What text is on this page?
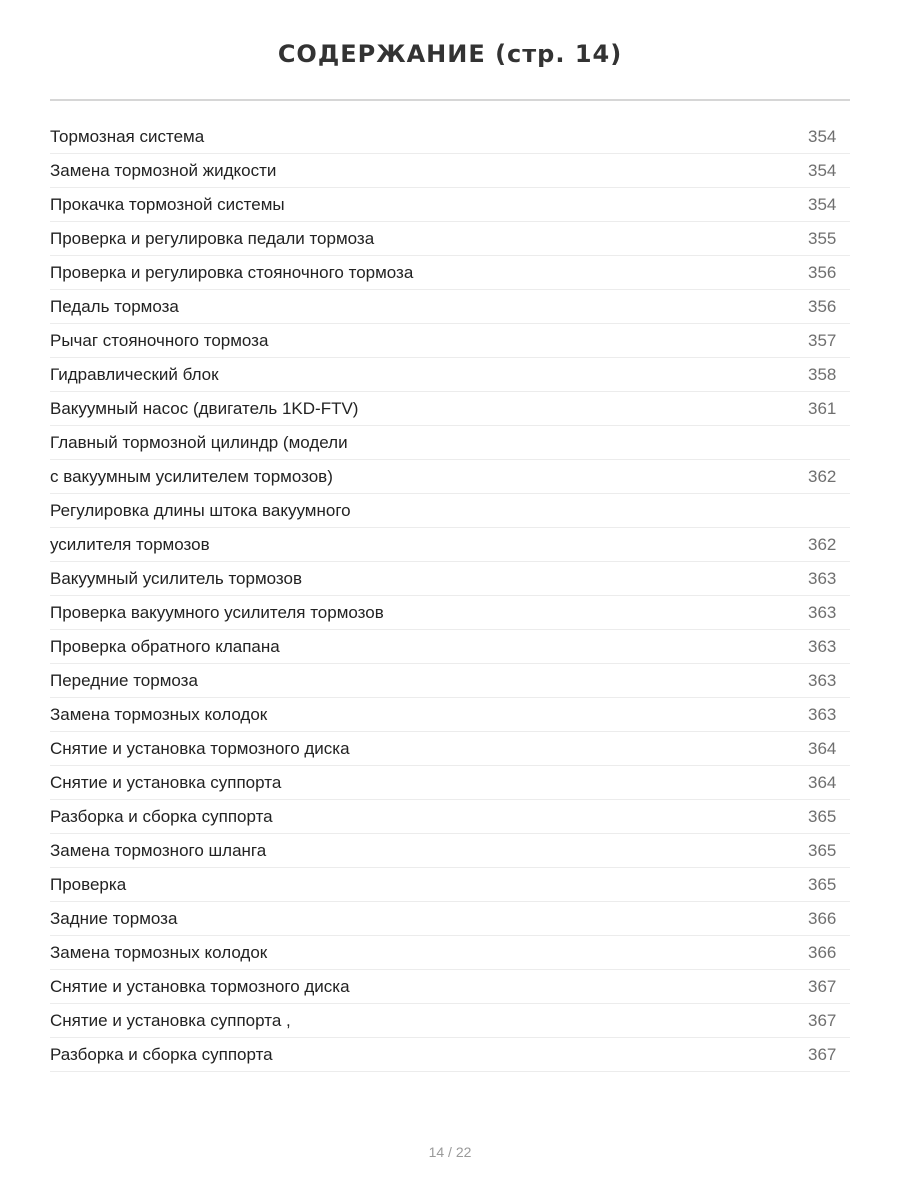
СОДЕРЖАНИЕ (стр. 14)
Тормозная система	354
Замена тормозной жидкости	354
Прокачка тормозной системы	354
Проверка и регулировка педали тормоза	355
Проверка и регулировка стояночного тормоза	356
Педаль тормоза	356
Рычаг стояночного тормоза	357
Гидравлический блок	358
Вакуумный насос (двигатель 1KD-FTV)	361
Главный тормозной цилиндр (модели
с вакуумным усилителем тормозов)	362
Регулировка длины штока вакуумного
усилителя тормозов	362
Вакуумный усилитель тормозов	363
Проверка вакуумного усилителя тормозов	363
Проверка обратного клапана	363
Передние тормоза	363
Замена тормозных колодок	363
Снятие и установка тормозного диска	364
Снятие и установка суппорта	364
Разборка и сборка суппорта	365
Замена тормозного шланга	365
Проверка	365
Задние тормоза	366
Замена тормозных колодок	366
Снятие и установка тормозного диска	367
Снятие и установка суппорта ,	367
Разборка и сборка суппорта	367
14 / 22
